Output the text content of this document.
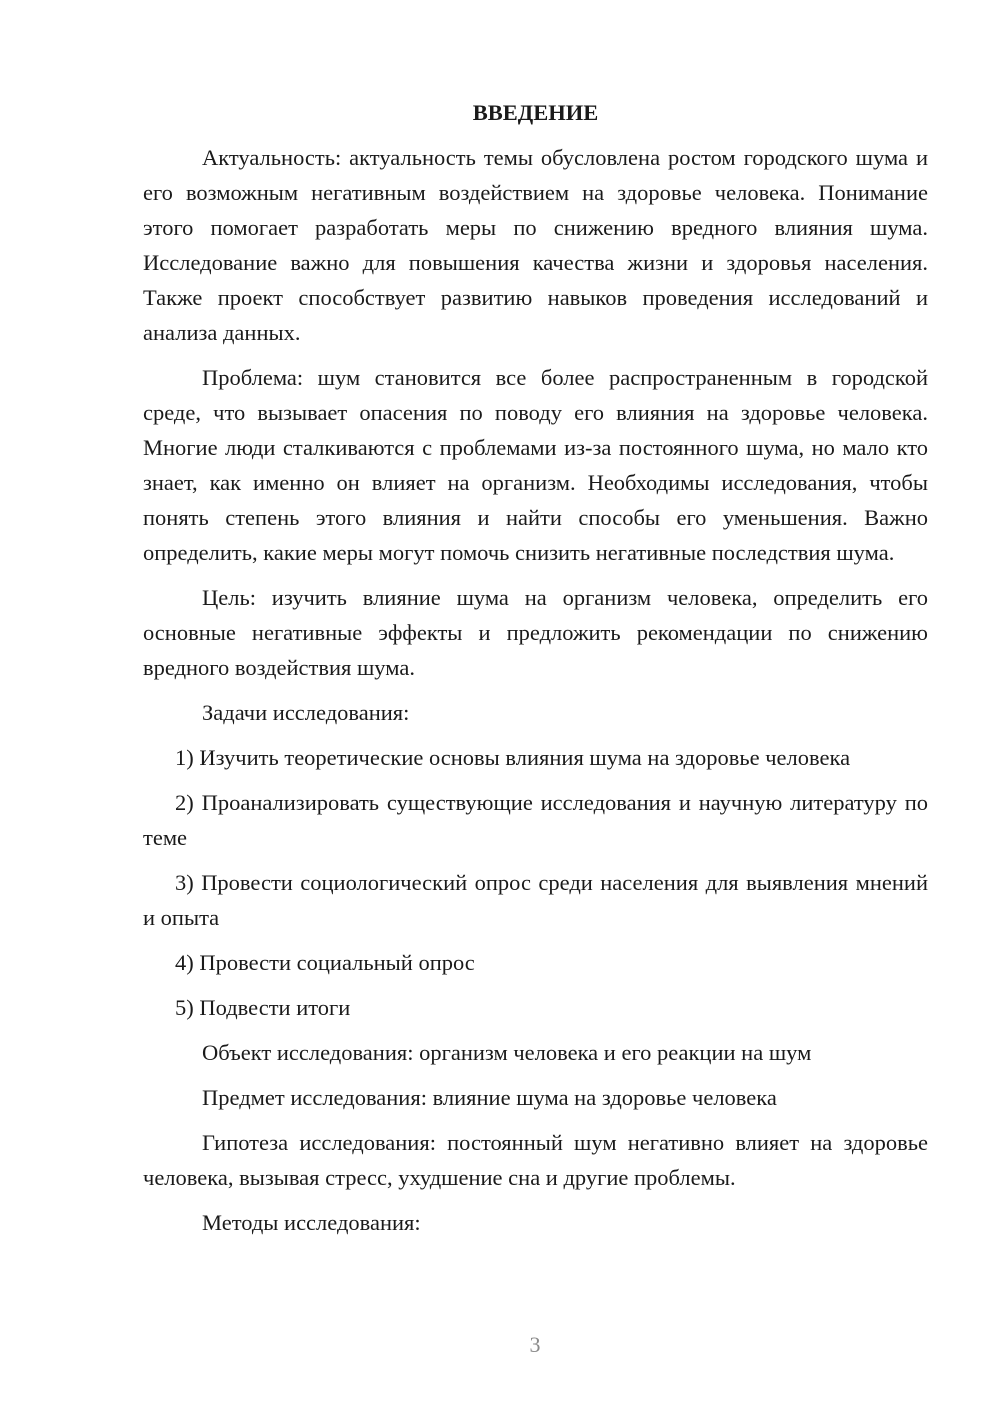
ВВЕДЕНИЕ

Актуальность: актуальность темы обусловлена ростом городского шума и его возможным негативным воздействием на здоровье человека. Понимание этого помогает разработать меры по снижению вредного влияния шума. Исследование важно для повышения качества жизни и здоровья населения. Также проект способствует развитию навыков проведения исследований и анализа данных.

Проблема: шум становится все более распространенным в городской среде, что вызывает опасения по поводу его влияния на здоровье человека. Многие люди сталкиваются с проблемами из-за постоянного шума, но мало кто знает, как именно он влияет на организм. Необходимы исследования, чтобы понять степень этого влияния и найти способы его уменьшения. Важно определить, какие меры могут помочь снизить негативные последствия шума.

Цель: изучить влияние шума на организм человека, определить его основные негативные эффекты и предложить рекомендации по снижению вредного воздействия шума.

Задачи исследования:

1) Изучить теоретические основы влияния шума на здоровье человека

2) Проанализировать существующие исследования и научную литературу по теме

3) Провести социологический опрос среди населения для выявления мнений и опыта

4) Провести социальный опрос

5) Подвести итоги

Объект исследования: организм человека и его реакции на шум

Предмет исследования: влияние шума на здоровье человека

Гипотеза исследования: постоянный шум негативно влияет на здоровье человека, вызывая стресс, ухудшение сна и другие проблемы.

Методы исследования:

3
